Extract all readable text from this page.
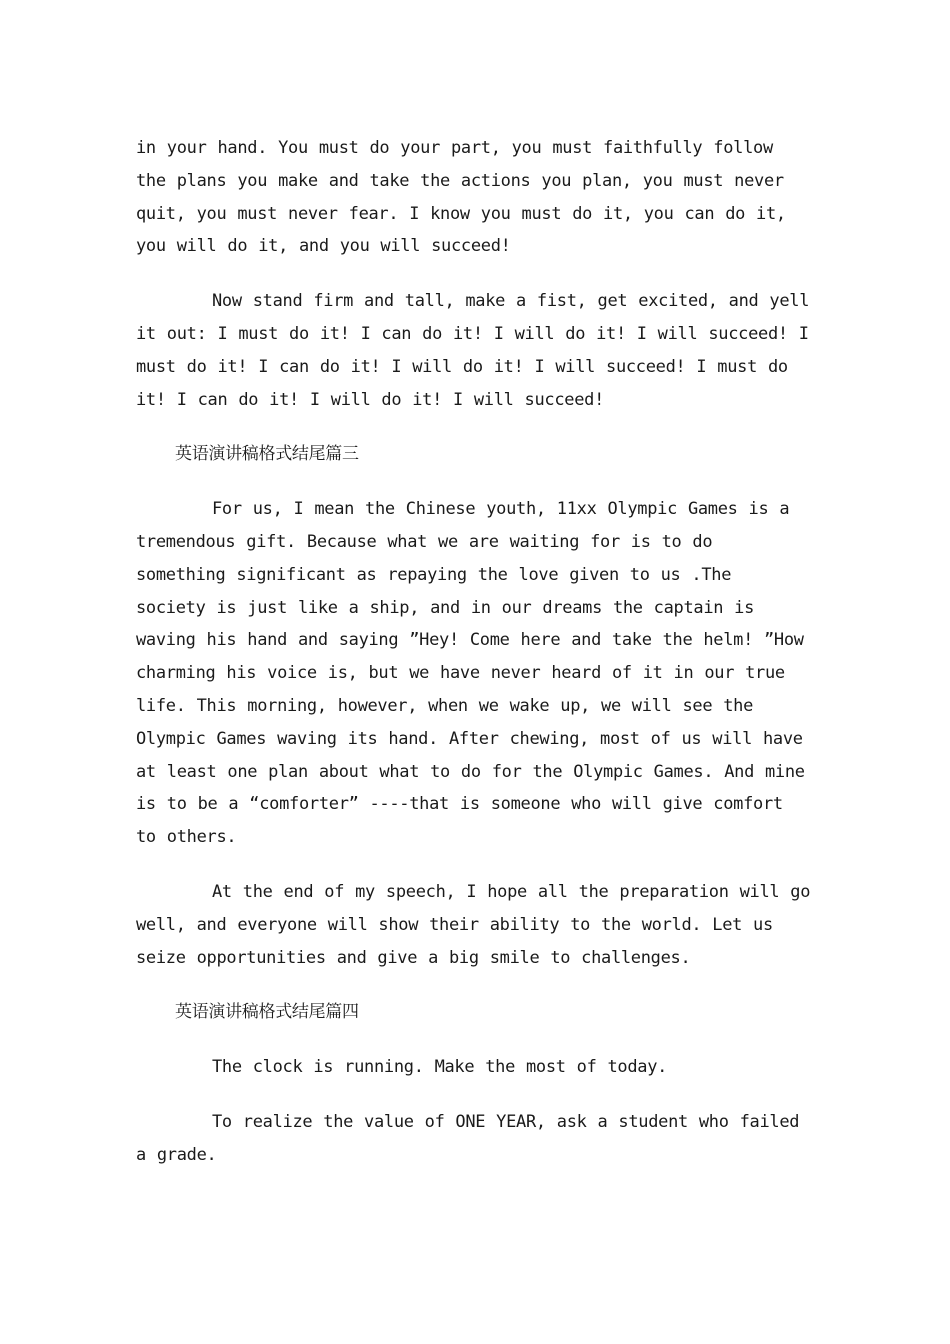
in your hand. You must do your part, you must faithfully follow the plans you make and take the actions you plan, you must never quit, you must never fear. I know you must do it, you can do it, you will do it, and you will succeed!

Now stand firm and tall, make a fist, get excited, and yell it out: I must do it! I can do it! I will do it! I will succeed! I must do it! I can do it! I will do it! I will succeed! I must do it! I can do it! I will do it! I will succeed!

英语演讲稿格式结尾篇三

For us, I mean the Chinese youth, 11xx Olympic Games is a tremendous gift. Because what we are waiting for is to do something significant as repaying the love given to us .The society is just like a ship, and in our dreams the captain is waving his hand and saying ”Hey! Come here and take the helm! ”How charming his voice is, but we have never heard of it in our true life. This morning, however, when we wake up, we will see the Olympic Games waving its hand. After chewing, most of us will have at least one plan about what to do for the Olympic Games. And mine is to be a “comforter” ----that is someone who will give comfort to others.

At the end of my speech, I hope all the preparation will go well, and everyone will show their ability to the world. Let us seize opportunities and give a big smile to challenges.

英语演讲稿格式结尾篇四

The clock is running. Make the most of today.

To realize the value of ONE YEAR, ask a student who failed a grade.
